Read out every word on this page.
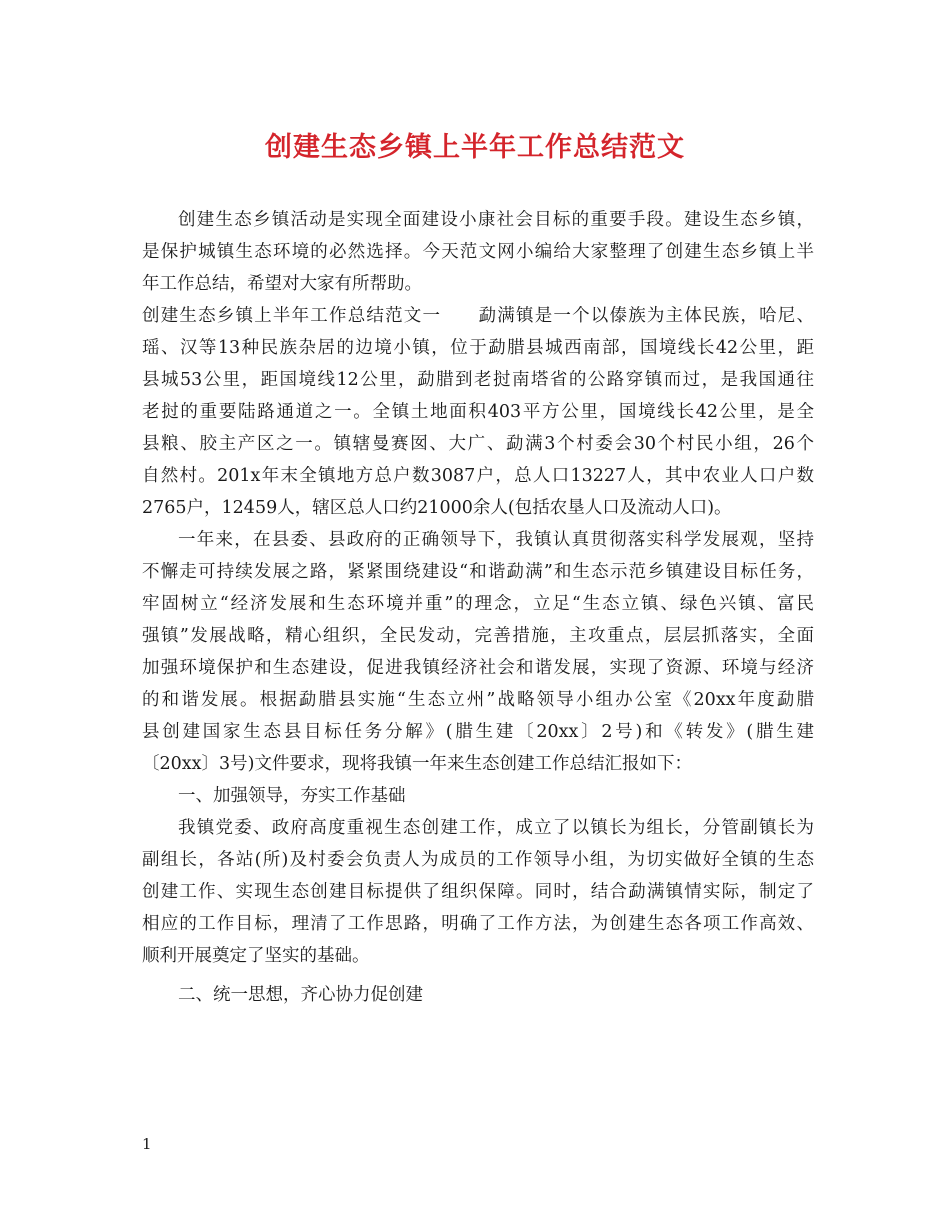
创建生态乡镇上半年工作总结范文
创建生态乡镇活动是实现全面建设小康社会目标的重要手段。建设生态乡镇，
是保护城镇生态环境的必然选择。今天范文网小编给大家整理了创建生态乡镇上半
年工作总结，希望对大家有所帮助。
创建生态乡镇上半年工作总结范文一　　勐满镇是一个以傣族为主体民族，哈尼、
瑶、汉等13种民族杂居的边境小镇，位于勐腊县城西南部，国境线长42公里，距
县城53公里，距国境线12公里，勐腊到老挝南塔省的公路穿镇而过，是我国通往
老挝的重要陆路通道之一。全镇土地面积403平方公里，国境线长42公里，是全
县粮、胶主产区之一。镇辖曼赛囡、大广、勐满3个村委会30个村民小组，26个
自然村。201x年末全镇地方总户数3087户，总人口13227人，其中农业人口户数
2765户，12459人，辖区总人口约21000余人(包括农垦人口及流动人口)。
一年来，在县委、县政府的正确领导下，我镇认真贯彻落实科学发展观，坚持
不懈走可持续发展之路，紧紧围绕建设“和谐勐满”和生态示范乡镇建设目标任务，
牢固树立“经济发展和生态环境并重”的理念，立足“生态立镇、绿色兴镇、富民
强镇”发展战略，精心组织，全民发动，完善措施，主攻重点，层层抓落实，全面
加强环境保护和生态建设，促进我镇经济社会和谐发展，实现了资源、环境与经济
的和谐发展。根据勐腊县实施“生态立州”战略领导小组办公室《20xx年度勐腊
县创建国家生态县目标任务分解》(腊生建〔20xx〕2号)和《转发》(腊生建
〔20xx〕3号)文件要求，现将我镇一年来生态创建工作总结汇报如下：
一、加强领导，夯实工作基础
我镇党委、政府高度重视生态创建工作，成立了以镇长为组长，分管副镇长为
副组长，各站(所)及村委会负责人为成员的工作领导小组，为切实做好全镇的生态
创建工作、实现生态创建目标提供了组织保障。同时，结合勐满镇情实际，制定了
相应的工作目标，理清了工作思路，明确了工作方法，为创建生态各项工作高效、
顺利开展奠定了坚实的基础。
二、统一思想，齐心协力促创建
1
